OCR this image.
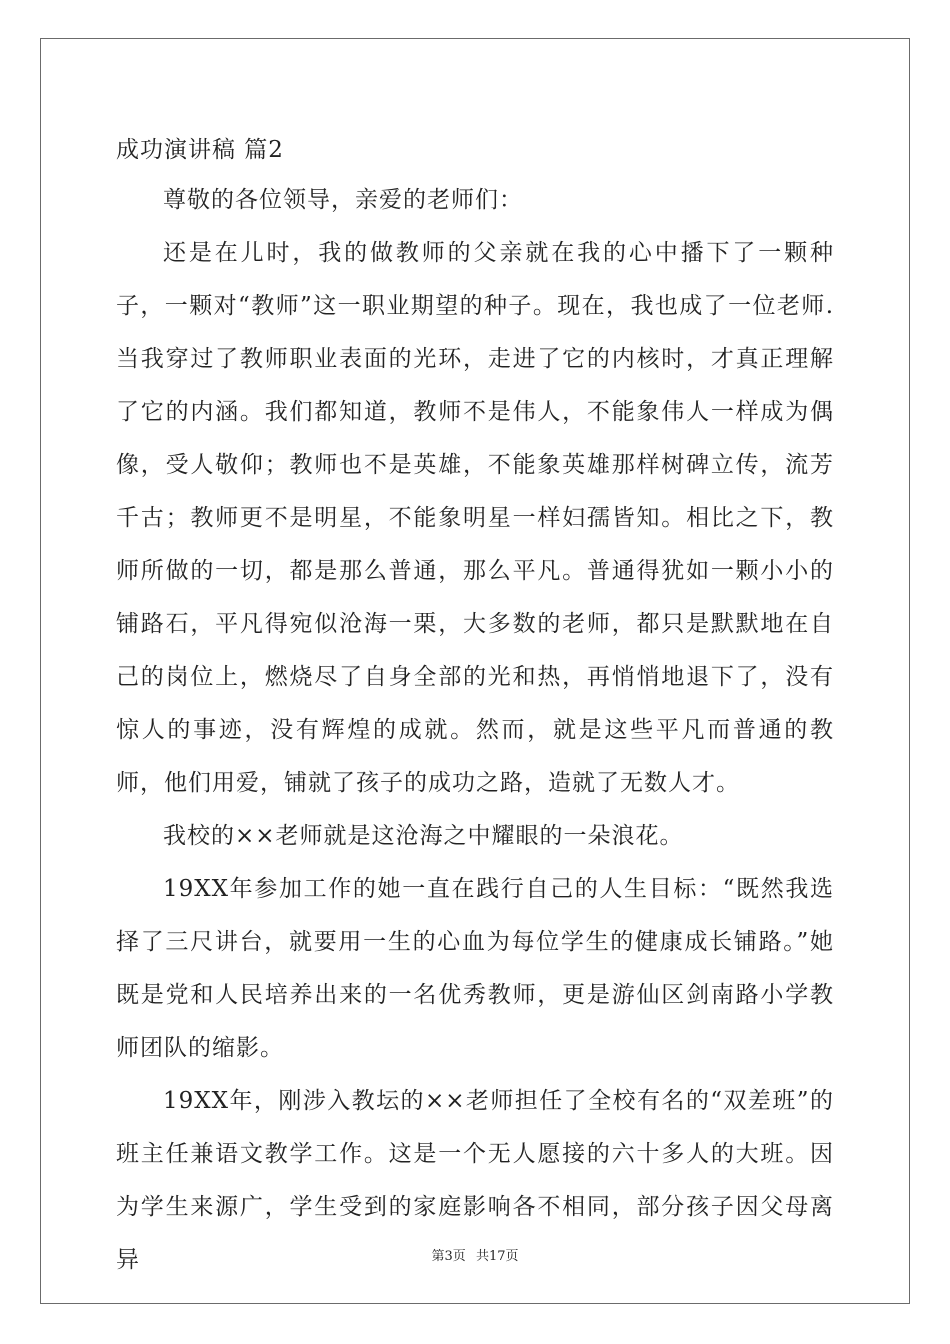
成功演讲稿 篇2

尊敬的各位领导，亲爱的老师们：

还是在儿时，我的做教师的父亲就在我的心中播下了一颗种子，一颗对“教师”这一职业期望的种子。现在，我也成了一位老师.当我穿过了教师职业表面的光环，走进了它的内核时，才真正理解了它的内涵。我们都知道，教师不是伟人，不能象伟人一样成为偶像，受人敬仰；教师也不是英雄，不能象英雄那样树碑立传，流芳千古；教师更不是明星，不能象明星一样妇孺皆知。相比之下，教师所做的一切，都是那么普通，那么平凡。普通得犹如一颗小小的铺路石，平凡得宛似沧海一栗，大多数的老师，都只是默默地在自己的岗位上，燃烧尽了自身全部的光和热，再悄悄地退下了，没有惊人的事迹，没有辉煌的成就。然而，就是这些平凡而普通的教师，他们用爱，铺就了孩子的成功之路，造就了无数人才。

我校的××老师就是这沧海之中耀眼的一朵浪花。

19XX年参加工作的她一直在践行自己的人生目标：“既然我选择了三尺讲台，就要用一生的心血为每位学生的健康成长铺路。”她既是党和人民培养出来的一名优秀教师，更是游仙区剑南路小学教师团队的缩影。

19XX年，刚涉入教坛的××老师担任了全校有名的“双差班”的班主任兼语文教学工作。这是一个无人愿接的六十多人的大班。因为学生来源广，学生受到的家庭影响各不相同，部分孩子因父母离异	第3页 共17页
